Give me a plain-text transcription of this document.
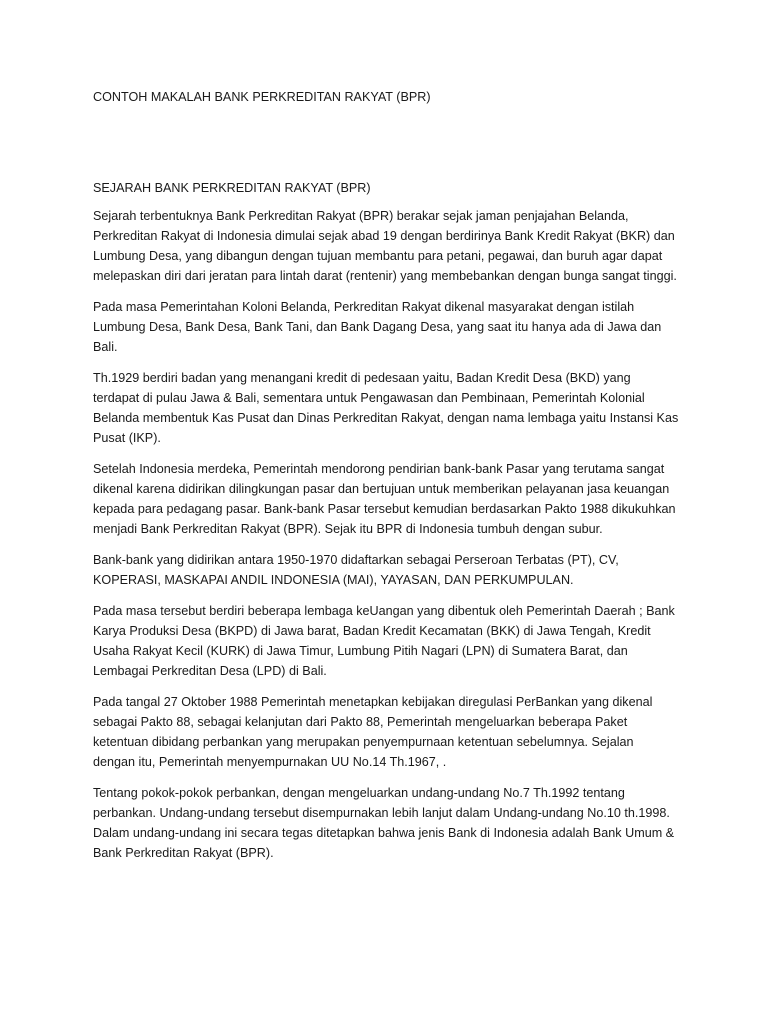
CONTOH MAKALAH BANK PERKREDITAN RAKYAT (BPR)
SEJARAH BANK PERKREDITAN RAKYAT (BPR)

Sejarah terbentuknya Bank Perkreditan Rakyat (BPR) berakar sejak jaman penjajahan Belanda, Perkreditan Rakyat di Indonesia dimulai sejak abad 19 dengan berdirinya Bank Kredit Rakyat (BKR) dan Lumbung Desa, yang dibangun dengan tujuan membantu para petani, pegawai, dan buruh agar dapat melepaskan diri dari jeratan para lintah darat (rentenir) yang membebankan dengan bunga sangat tinggi.

Pada masa Pemerintahan Koloni Belanda, Perkreditan Rakyat dikenal masyarakat dengan istilah Lumbung Desa, Bank Desa, Bank Tani, dan Bank Dagang Desa, yang saat itu hanya ada di Jawa dan Bali.

Th.1929 berdiri badan yang menangani kredit di pedesaan yaitu, Badan Kredit Desa (BKD) yang terdapat di pulau Jawa & Bali, sementara untuk Pengawasan dan Pembinaan, Pemerintah Kolonial Belanda membentuk Kas Pusat dan Dinas Perkreditan Rakyat, dengan nama lembaga yaitu Instansi Kas Pusat (IKP).

Setelah Indonesia merdeka, Pemerintah mendorong pendirian bank-bank Pasar yang terutama sangat dikenal karena didirikan dilingkungan pasar dan bertujuan untuk memberikan pelayanan jasa keuangan kepada para pedagang pasar. Bank-bank Pasar tersebut kemudian berdasarkan Pakto 1988 dikukuhkan menjadi Bank Perkreditan Rakyat (BPR). Sejak itu BPR di Indonesia tumbuh dengan subur.

Bank-bank yang didirikan antara 1950-1970 didaftarkan sebagai Perseroan Terbatas (PT), CV, KOPERASI, MASKAPAI ANDIL INDONESIA (MAI), YAYASAN, DAN PERKUMPULAN.

Pada masa tersebut berdiri beberapa lembaga keUangan yang dibentuk oleh Pemerintah Daerah ; Bank Karya Produksi Desa (BKPD) di Jawa barat, Badan Kredit Kecamatan (BKK) di Jawa Tengah, Kredit Usaha Rakyat Kecil (KURK) di Jawa Timur, Lumbung Pitih Nagari (LPN) di Sumatera Barat, dan Lembagai Perkreditan Desa (LPD) di Bali.

Pada tangal 27 Oktober 1988 Pemerintah menetapkan kebijakan diregulasi PerBankan yang dikenal sebagai Pakto 88, sebagai kelanjutan dari Pakto 88, Pemerintah mengeluarkan beberapa Paket ketentuan dibidang perbankan yang merupakan penyempurnaan ketentuan sebelumnya. Sejalan dengan itu, Pemerintah menyempurnakan UU No.14 Th.1967, .

Tentang pokok-pokok perbankan, dengan mengeluarkan undang-undang No.7 Th.1992 tentang perbankan. Undang-undang tersebut disempurnakan lebih lanjut dalam Undang-undang No.10 th.1998. Dalam undang-undang ini secara tegas ditetapkan bahwa jenis Bank di Indonesia adalah Bank Umum & Bank Perkreditan Rakyat (BPR).
